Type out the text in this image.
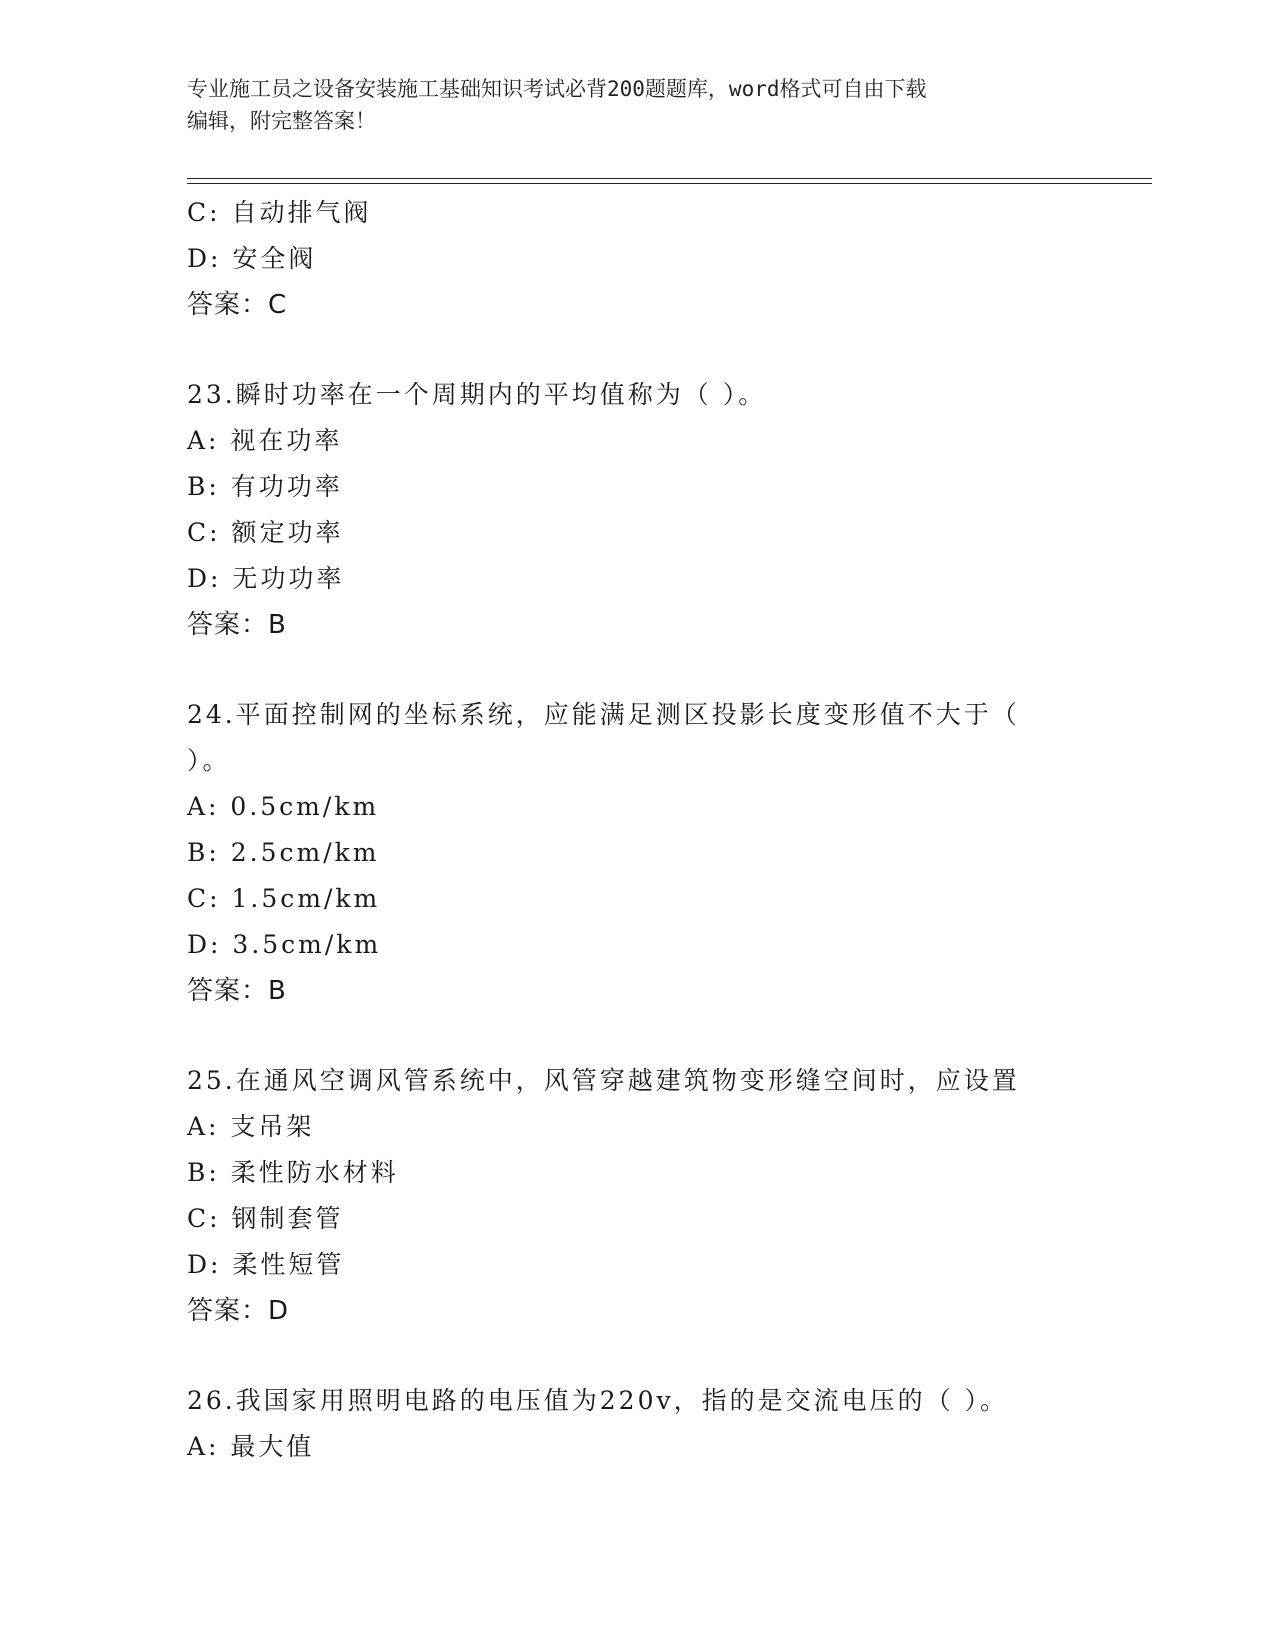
专业施工员之设备安装施工基础知识考试必背200题题库，word格式可自由下载
编辑，附完整答案！
C: 自动排气阀
D: 安全阀
答案：C
23.瞬时功率在一个周期内的平均值称为（ ）。
A: 视在功率
B: 有功功率
C: 额定功率
D: 无功功率
答案：B
24.平面控制网的坐标系统，应能满足测区投影长度变形值不大于（
）。
A: 0.5cm/km
B: 2.5cm/km
C: 1.5cm/km
D: 3.5cm/km
答案：B
25.在通风空调风管系统中，风管穿越建筑物变形缝空间时，应设置
A: 支吊架
B: 柔性防水材料
C: 钢制套管
D: 柔性短管
答案：D
26.我国家用照明电路的电压值为220v，指的是交流电压的（ ）。
A: 最大值
